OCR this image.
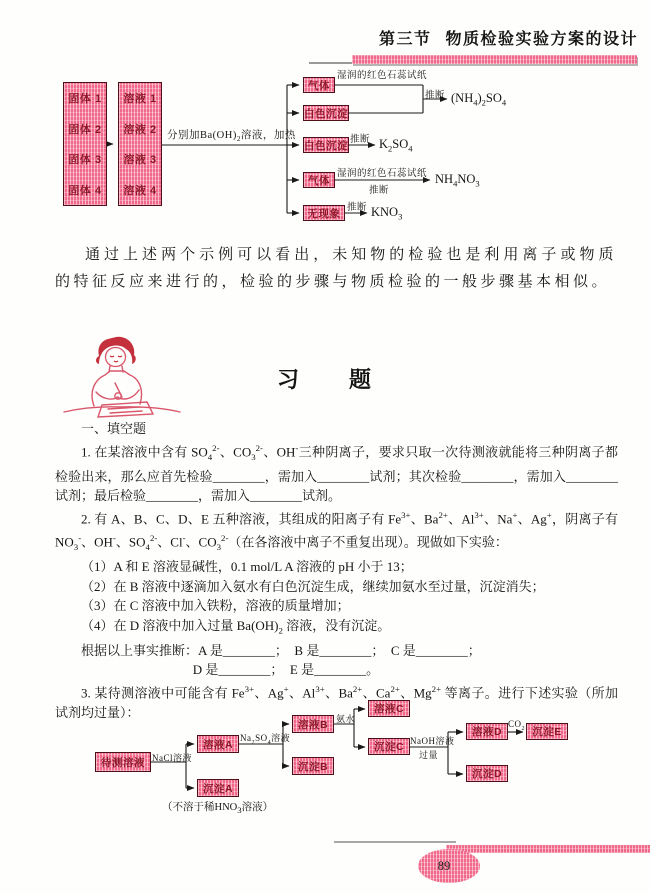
第三节 物质检验实验方案的设计
固体 1
固体 2
固体 3
固体 4
溶液 1
溶液 2
溶液 3
溶液 4
分别加$Ba(OH)_2$溶液，加热
气体
湿润的红色石蕊试纸
白色沉淀
推断 $(NH_4)_2SO_4$
白色沉淀 推断 $K_2SO_4$
气体
湿润的红色石蕊试纸
推断
$NH_4NO_3$
无现象 推断 $KNO_3$

通过上述两个示例可以看出，未知物的检验也是利用离子或物质的特征反应来进行的，检验的步骤与物质检验的一般步骤基本相似。

习　　题

一、填空题

1. 在某溶液中含有 $SO_4^{2-}$、$CO_3^{2-}$、OH-三种阴离子，要求只取一次待测液就能将三种阴离子都检验出来，那么应首先检验________，需加入________试剂；其次检验________，需加入________试剂；最后检验________，需加入________试剂。

2. 有 A、B、C、D、E 五种溶液，其组成的阳离子有 $Fe^{3+}$、$Ba^{2+}$、$Al^{3+}$、Na+、Ag+，阴离子有 $NO_3^-$、OH-、$SO_4^{2-}$、Cl-、$CO_3^{2-}$（在各溶液中离子不重复出现）。现做如下实验：

（1）A 和 E 溶液显碱性，0.1 mol/L A 溶液的 pH 小于 13；

（2）在 B 溶液中逐滴加入氨水有白色沉淀生成，继续加氨水至过量，沉淀消失；

（3）在 C 溶液中加入铁粉，溶液的质量增加；

（4）在 D 溶液中加入过量 $Ba(OH)_2$ 溶液，没有沉淀。

根据以上事实推断：A 是________；　B 是________；　C 是________；

D 是________；　E 是________。

3. 某待测溶液中可能含有 $Fe^{3+}$、Ag+、$Al^{3+}$、$Ba^{2+}$、$Ca^{2+}$、$Mg^{2+}$ 等离子。进行下述实验（所加试剂均过量）：

待测溶液 NaCl溶液
溶液A
沉淀A
（不溶于稀$HNO_3$溶液）
$Na_2SO_4$溶液
溶液B
沉淀B
氨水
溶液C
沉淀C NaOH溶液
过量
溶液D
沉淀D
$CO_2$ 沉淀E
89
